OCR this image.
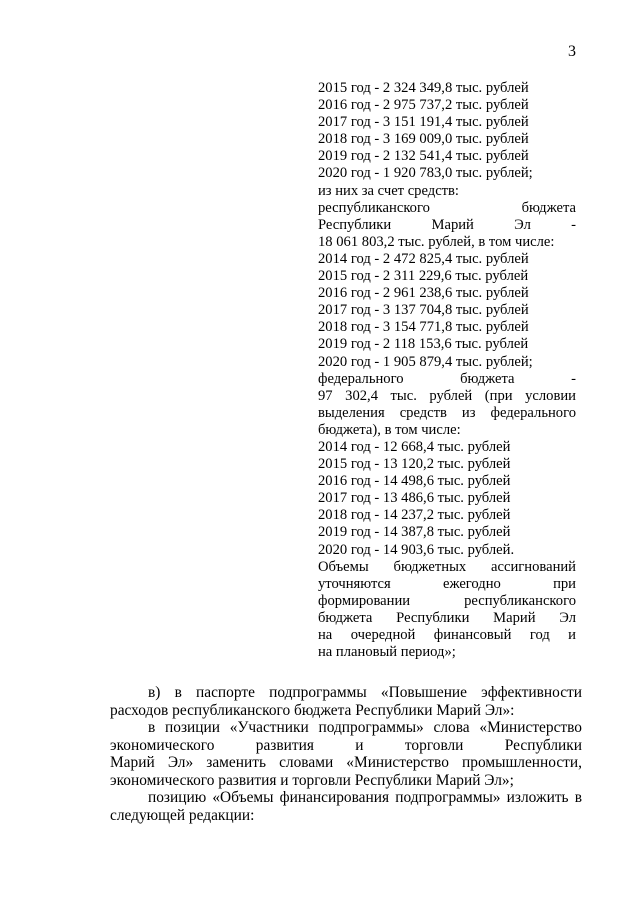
3
2015 год - 2 324 349,8 тыс. рублей
2016 год - 2 975 737,2 тыс. рублей
2017 год - 3 151 191,4 тыс. рублей
2018 год - 3 169 009,0 тыс. рублей
2019 год - 2 132 541,4 тыс. рублей
2020 год - 1 920 783,0 тыс. рублей;
из них за счет средств:
республиканского бюджета
Республики Марий Эл -
18 061 803,2 тыс. рублей, в том числе:
2014 год - 2 472 825,4 тыс. рублей
2015 год - 2 311 229,6 тыс. рублей
2016 год - 2 961 238,6 тыс. рублей
2017 год - 3 137 704,8 тыс. рублей
2018 год - 3 154 771,8 тыс. рублей
2019 год - 2 118 153,6 тыс. рублей
2020 год - 1 905 879,4 тыс. рублей;
федерального бюджета -
97 302,4 тыс. рублей (при условии
выделения средств из федерального
бюджета), в том числе:
2014 год - 12 668,4 тыс. рублей
2015 год - 13 120,2 тыс. рублей
2016 год - 14 498,6 тыс. рублей
2017 год - 13 486,6 тыс. рублей
2018 год - 14 237,2 тыс. рублей
2019 год - 14 387,8 тыс. рублей
2020 год - 14 903,6 тыс. рублей.
Объемы бюджетных ассигнований
уточняются ежегодно при
формировании республиканского
бюджета Республики Марий Эл
на очередной финансовый год и
на плановый период»;
в) в паспорте подпрограммы «Повышение эффективности
расходов республиканского бюджета Республики Марий Эл»:
в позиции «Участники подпрограммы» слова «Министерство
экономического развития и торговли Республики
Марий Эл» заменить словами «Министерство промышленности,
экономического развития и торговли Республики Марий Эл»;
позицию «Объемы финансирования подпрограммы» изложить в
следующей редакции:
